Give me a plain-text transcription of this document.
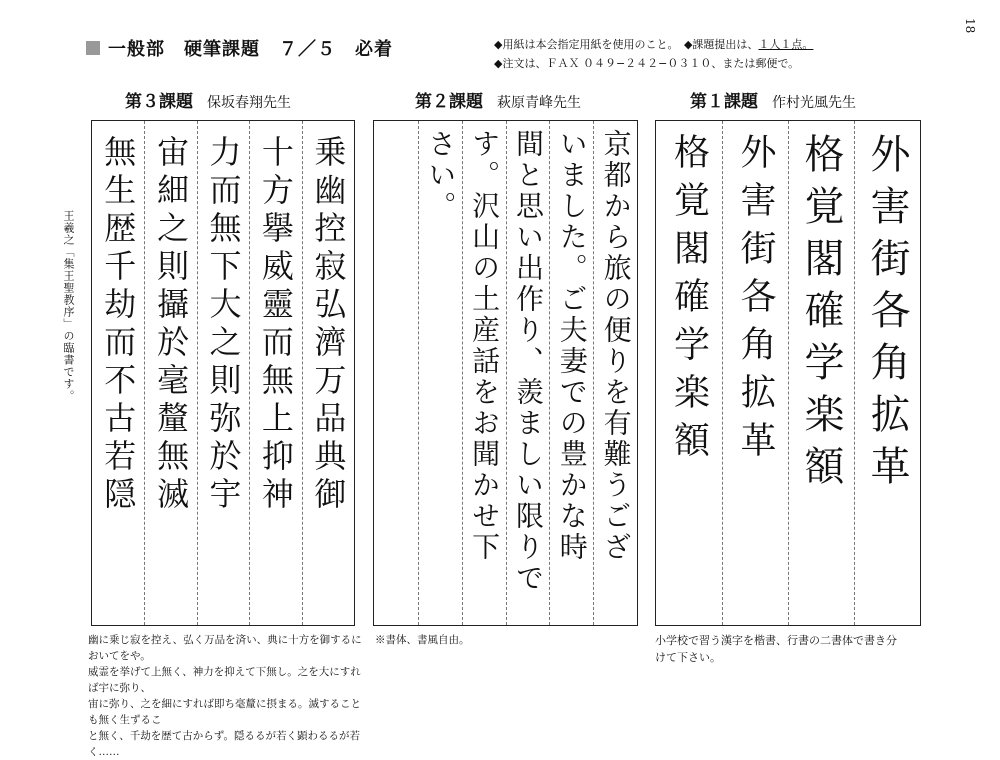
一般部　硬筆課題　７／５　必着	◆用紙は本会指定用紙を使用のこと。　◆課題提出は、１人１点。
◆注文は、ＦＡＸ ０４９−２４２−０３１０、または郵便で。
18
第３課題 保坂春翔先生	第２課題 萩原青峰先生	第１課題 作村光風先生
王羲之「集王聖教序」の臨書です。	乗幽控寂弘濟万品典御
十方擧威靈而無上抑神
力而無下大之則弥於宇
宙細之則攝於毫釐無滅
無生歴千劫而不古若隠	京都から旅の便りを有難うござ
いました。ご夫妻での豊かな時
間と思い出作り、羨ましい限りで
す。沢山の土産話をお聞かせ下
さい。	外害街各角拡革
格覚閣確学楽額
外害街各角拡革
格覚閣確学楽額
幽に乗じ寂を控え、弘く万品を済い、典に十方を御するにおいてをや。
威霊を挙げて上無く、神力を抑えて下無し。之を大にすれば宇に弥り、
宙に弥り、之を細にすれば即ち毫釐に摂まる。滅することも無く生ずるこ
と無く、千劫を歴て古からず。隠るるが若く顕わるるが若く……
※書体、書風自由。	小学校で習う漢字を楷書、行書の二書体で書き分
けて下さい。
